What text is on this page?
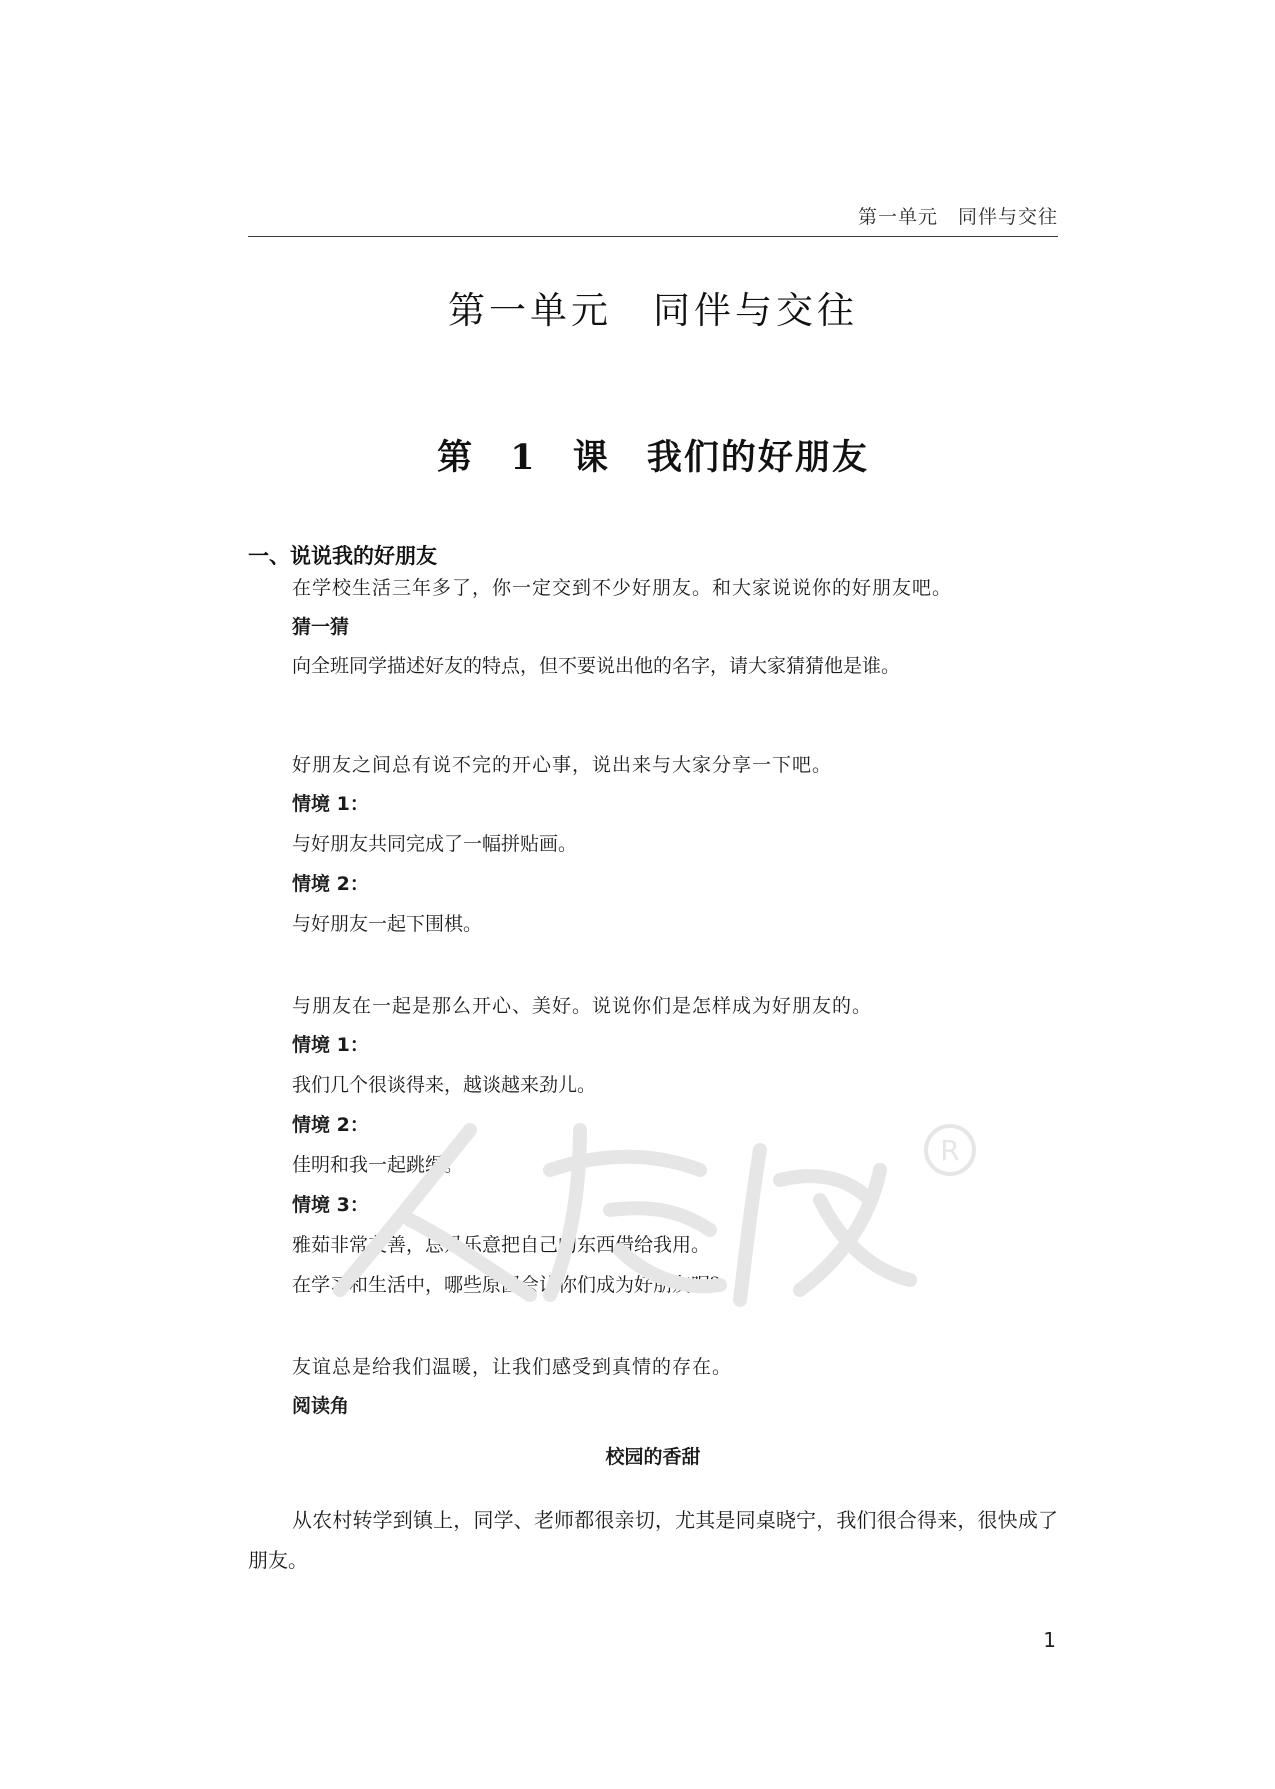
第一单元　同伴与交往
第一单元　同伴与交往
第 1 课　我们的好朋友
一、说说我的好朋友
在学校生活三年多了，你一定交到不少好朋友。和大家说说你的好朋友吧。
猜一猜
向全班同学描述好友的特点，但不要说出他的名字，请大家猜猜他是谁。
好朋友之间总有说不完的开心事，说出来与大家分享一下吧。
情境 1：
与好朋友共同完成了一幅拼贴画。
情境 2：
与好朋友一起下围棋。
与朋友在一起是那么开心、美好。说说你们是怎样成为好朋友的。
情境 1：
我们几个很谈得来，越谈越来劲儿。
情境 2：
佳明和我一起跳绳。
情境 3：
雅茹非常友善，总是乐意把自己的东西借给我用。
在学习和生活中，哪些原因会让你们成为好朋友呢？
友谊总是给我们温暖，让我们感受到真情的存在。
阅读角
校园的香甜
从农村转学到镇上，同学、老师都很亲切，尤其是同桌晓宁，我们很合得来，很快成了朋友。
1
R
